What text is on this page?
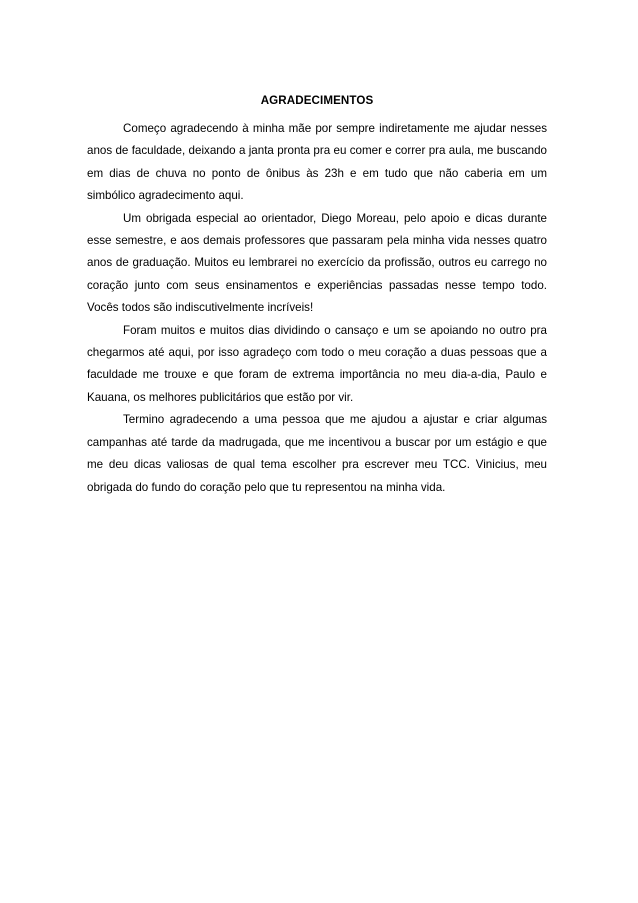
AGRADECIMENTOS

Começo agradecendo à minha mãe por sempre indiretamente me ajudar nesses anos de faculdade, deixando a janta pronta pra eu comer e correr pra aula, me buscando em dias de chuva no ponto de ônibus às 23h e em tudo que não caberia em um simbólico agradecimento aqui.

Um obrigada especial ao orientador, Diego Moreau, pelo apoio e dicas durante esse semestre, e aos demais professores que passaram pela minha vida nesses quatro anos de graduação. Muitos eu lembrarei no exercício da profissão, outros eu carrego no coração junto com seus ensinamentos e experiências passadas nesse tempo todo. Vocês todos são indiscutivelmente incríveis!

Foram muitos e muitos dias dividindo o cansaço e um se apoiando no outro pra chegarmos até aqui, por isso agradeço com todo o meu coração a duas pessoas que a faculdade me trouxe e que foram de extrema importância no meu dia-a-dia, Paulo e Kauana, os melhores publicitários que estão por vir.

Termino agradecendo a uma pessoa que me ajudou a ajustar e criar algumas campanhas até tarde da madrugada, que me incentivou a buscar por um estágio e que me deu dicas valiosas de qual tema escolher pra escrever meu TCC. Vinicius, meu obrigada do fundo do coração pelo que tu representou na minha vida.
